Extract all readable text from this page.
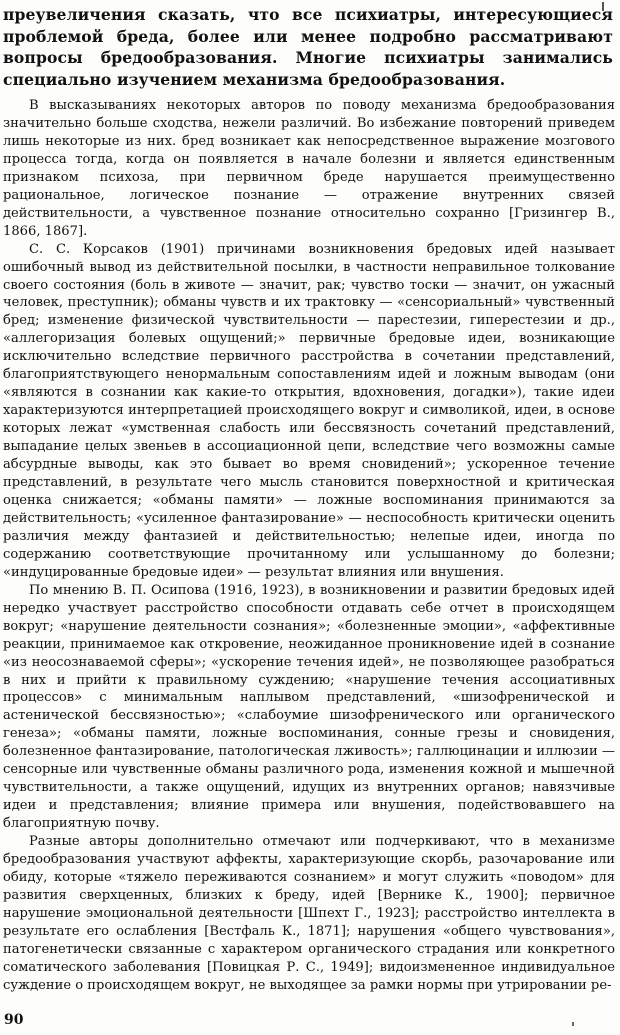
преувеличения сказать, что все психиатры, интересующиеся проблемой бреда, более или менее подробно рассматривают вопросы бредообразования. Многие психиатры занимались специально изучением механизма бредообразования.

В высказываниях некоторых авторов по поводу механизма бредообразования значительно больше сходства, нежели различий. Во избежание повторений приведем лишь некоторые из них. бред возникает как непосредственное выражение мозгового процесса тогда, когда он появляется в начале болезни и является единственным признаком психоза, при первичном бреде нарушается преимущественно рациональное, логическое познание — отражение внутренних связей действительности, а чувственное познание относительно сохранно [Гризингер В., 1866, 1867].

С. С. Корсаков (1901) причинами возникновения бредовых идей называет ошибочный вывод из действительной посылки, в частности неправильное толкование своего состояния (боль в животе — значит, рак; чувство тоски — значит, он ужасный человек, преступник); обманы чувств и их трактовку — «сенсориальный» чувственный бред; изменение физической чувствительности — парестезии, гиперестезии и др., «аллегоризация болевых ощущений;» первичные бредовые идеи, возникающие исключительно вследствие первичного расстройства в сочетании представлений, благоприятствующего ненормальным сопоставлениям идей и ложным выводам (они «являются в сознании как какие-то открытия, вдохновения, догадки»), такие идеи характеризуются интерпретацией происходящего вокруг и символикой, идеи, в основе которых лежат «умственная слабость или бессвязность сочетаний представлений, выпадание целых звеньев в ассоциационной цепи, вследствие чего возможны самые абсурдные выводы, как это бывает во время сновидений»; ускоренное течение представлений, в результате чего мысль становится поверхностной и критическая оценка снижается; «обманы памяти» — ложные воспоминания принимаются за действительность; «усиленное фантазирование» — неспособность критически оценить различия между фантазией и действительностью; нелепые идеи, иногда по содержанию соответствующие прочитанному или услышанному до болезни; «индуцированные бредовые идеи» — результат влияния или внушения.

По мнению В. П. Осипова (1916, 1923), в возникновении и развитии бредовых идей нередко участвует расстройство способности отдавать себе отчет в происходящем вокруг; «нарушение деятельности сознания»; «болезненные эмоции», «аффективные реакции, принимаемое как откровение, неожиданное проникновение идей в сознание «из неосознаваемой сферы»; «ускорение течения идей», не позволяющее разобраться в них и прийти к правильному суждению; «нарушение течения ассоциативных процессов» с минимальным наплывом представлений, «шизофренической и астенической бессвязностью»; «слабоумие шизофренического или органического генеза»; «обманы памяти, ложные воспоминания, сонные грезы и сновидения, болезненное фантазирование, патологическая лживость»; галлюцинации и иллюзии — сенсорные или чувственные обманы различного рода, изменения кожной и мышечной чувствительности, а также ощущений, идущих из внутренних органов; навязчивые идеи и представления; влияние примера или внушения, подействовавшего на благоприятную почву.

Разные авторы дополнительно отмечают или подчеркивают, что в механизме бредообразования участвуют аффекты, характеризующие скорбь, разочарование или обиду, которые «тяжело переживаются сознанием» и могут служить «поводом» для развития сверхценных, близких к бреду, идей [Верникe К., 1900]; первичное нарушение эмоциональной деятельности [Шпехт Г., 1923]; расстройство интеллекта в результате его ослабления [Вестфаль К., 1871]; нарушения «общего чувствования», патогенетически связанные с характером органического страдания или конкретного соматического заболевания [Повицкая Р. С., 1949]; видоизмененное индивидуальное суждение о происходящем вокруг, не выходящее за рамки нормы при утрировании ре-

90
